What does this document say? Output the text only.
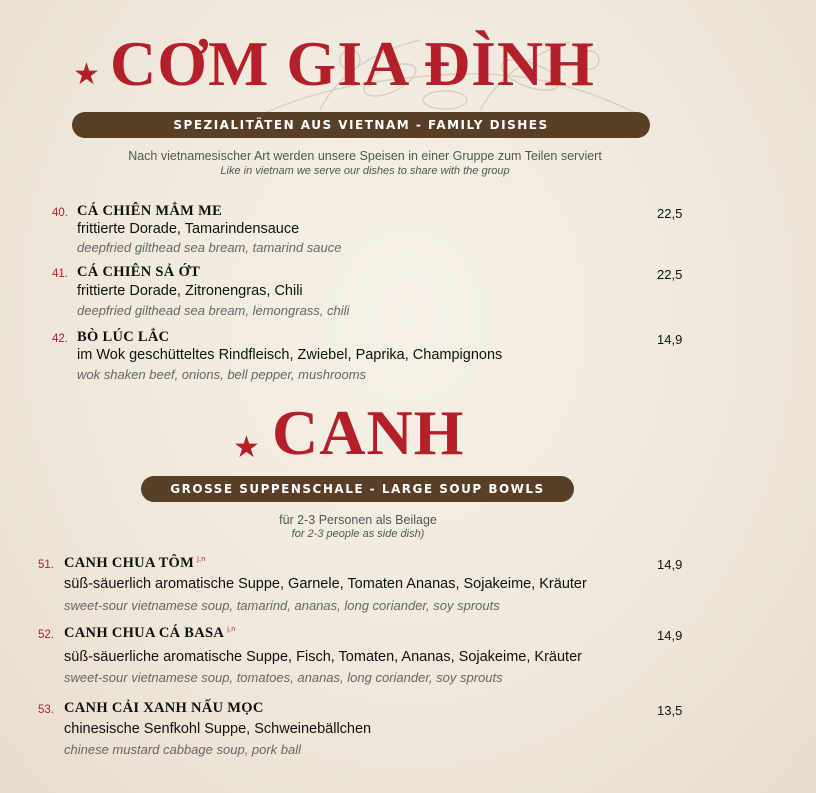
★ CƠM GIA ĐÌNH
SPEZIALITÄTEN AUS VIETNAM - FAMILY DISHES
Nach vietnamesischer Art werden unsere Speisen in einer Gruppe zum Teilen serviert
Like in vietnam we serve our dishes to share with the group
40. CÁ CHIÊN MẮM ME
frittierte Dorade, Tamarindensauce
deepfried gilthead sea bream, tamarind sauce
22,5
41. CÁ CHIÊN SẢ ỚT
frittierte Dorade, Zitronengras, Chili
deepfried gilthead sea bream, lemongrass, chili
22,5
42. BÒ LÚC LẮC
im Wok geschütteltes Rindfleisch, Zwiebel, Paprika, Champignons
wok shaken beef, onions, bell pepper, mushrooms
14,9
★ CANH
GROSSE SUPPENSCHALE - LARGE SOUP BOWLS
für 2-3 Personen als Beilage
for 2-3 people as side dish)
51. CANH CHUA TÔM $^{j,n}$
süß-säuerlich aromatische Suppe, Garnele, Tomaten Ananas, Sojakeime, Kräuter
sweet-sour vietnamese soup, tamarind, ananas, long coriander, soy sprouts
14,9
52. CANH CHUA CÁ BASA $^{j,n}$
süß-säuerliche aromatische Suppe, Fisch, Tomaten, Ananas, Sojakeime, Kräuter
sweet-sour vietnamese soup, tomatoes, ananas, long coriander, soy sprouts
14,9
53. CANH CẢI XANH NẤU MỌC
chinesische Senfkohl Suppe, Schweinebällchen
chinese mustard cabbage soup, pork ball
13,5
